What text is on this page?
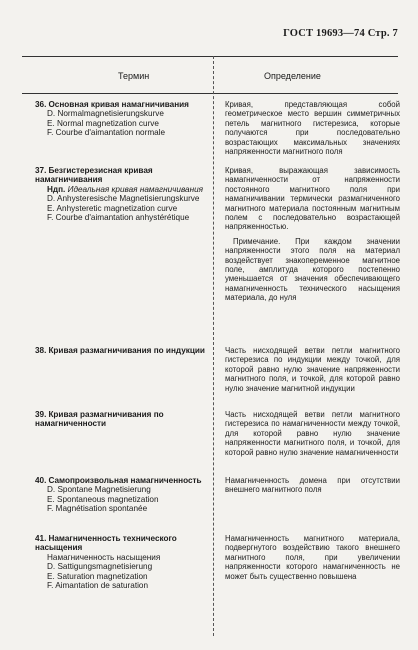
ГОСТ 19693—74 Стр. 7
Термин	Определение
36. Основная кривая намагничивания
D. Normalmagnetisierungskurve
E. Normal magnetization curve
F. Courbe d'aimantation normale
Кривая, представляющая собой геометрическое место вершин симметричных петель магнитного гистерезиса, которые получаются при последовательно возрастающих максимальных значениях напряженности магнитного поля
37. Безгистерезисная кривая намагничивания
Ндп. Идеальная кривая намагничивания
D. Anhysteresische Magnetisierungskurve
E. Anhysteretic magnetization curve
F. Courbe d'aimantation anhystérétique
Кривая, выражающая зависимость намагниченности от напряженности постоянного магнитного поля при намагничивании термически размагниченного магнитного материала постоянным магнитным полем с последовательно возрастающей напряженностью.
Примечание. При каждом значении напряженности этого поля на материал воздействует знакопеременное магнитное поле, амплитуда которого постепенно уменьшается от значения обеспечивающего намагниченность технического насыщения материала, до нуля
38. Кривая размагничивания по индукции	Часть нисходящей ветви петли магнитного гистерезиса по индукции между точкой, для которой равно нулю значение напряженности магнитного поля, и точкой, для которой равно нулю значение магнитной индукции
39. Кривая размагничивания по намагниченности
Часть нисходящей ветви петли магнитного гистерезиса по намагниченности между точкой, для которой равно нулю значение напряженности магнитного поля, и точкой, для которой равно нулю значение намагниченности
40. Самопроизвольная намагниченность
D. Spontane Magnetisierung
E. Spontaneous magnetization
F. Magnétisation spontanée
Намагниченность домена при отсутствии внешнего магнитного поля
41. Намагниченность технического насыщения
Намагниченность насыщения
D. Sattigungsmagnetisierung
E. Saturation magnetization
F. Aimantation de saturation
Намагниченность магнитного материала, подвергнутого воздействию такого внешнего магнитного поля, при увеличении напряженности которого намагниченность не может быть существенно повышена
